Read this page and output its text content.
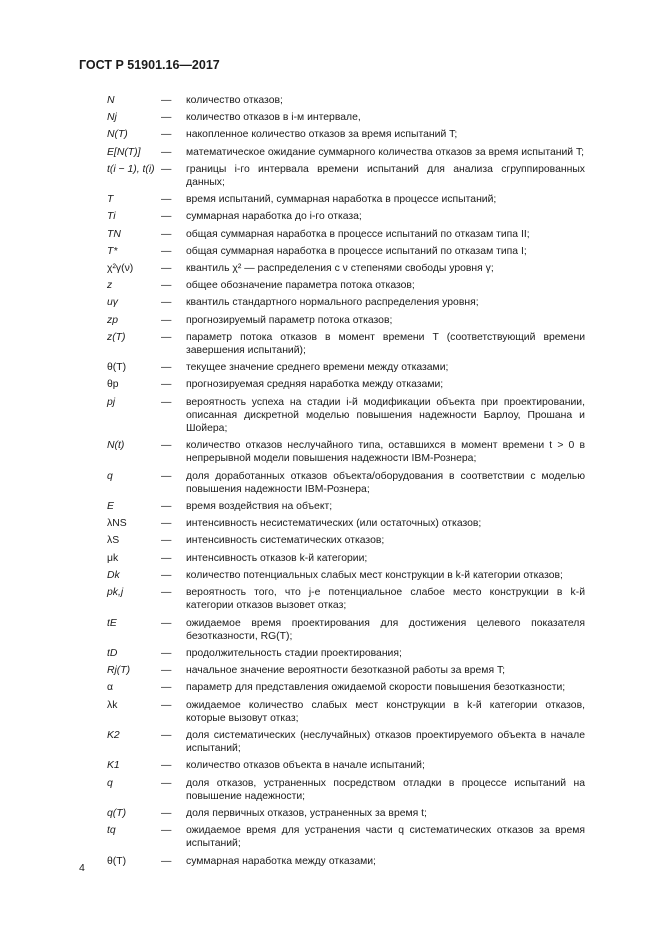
ГОСТ Р 51901.16—2017
N	— количество отказов;
Nj	— количество отказов в i-м интервале,
N(T)	— накопленное количество отказов за время испытаний T;
E[N(T)]	— математическое ожидание суммарного количества отказов за время испытаний T;
t(i − 1), t(i) — границы i-го интервала времени испытаний для анализа сгруппированных данных;
T	— время испытаний, суммарная наработка в процессе испытаний;
Ti	— суммарная наработка до i-го отказа;
TN	— общая суммарная наработка в процессе испытаний по отказам типа II;
T*	— общая суммарная наработка в процессе испытаний по отказам типа I;
χ²γ(ν)	— квантиль χ² — распределения с ν степенями свободы уровня γ;
z	— общее обозначение параметра потока отказов;
uγ	— квантиль стандартного нормального распределения уровня;
zp	— прогнозируемый параметр потока отказов;
z(T)	— параметр потока отказов в момент времени T (соответствующий времени завершения испытаний);
θ(T)	— текущее значение среднего времени между отказами;
θp	— прогнозируемая средняя наработка между отказами;
pj	— вероятность успеха на стадии i-й модификации объекта при проектировании, описанная дискретной моделью повышения надежности Барлоу, Прошана и Шойера;
N(t)	— количество отказов неслучайного типа, оставшихся в момент времени t > 0 в непрерывной модели повышения надежности IBM-Рознера;
q	— доля доработанных отказов объекта/оборудования в соответствии с моделью повышения надежности IBM-Рознера;
E	— время воздействия на объект;
λNS	— интенсивность несистематических (или остаточных) отказов;
λS	— интенсивность систематических отказов;
μk	— интенсивность отказов k-й категории;
Dk	— количество потенциальных слабых мест конструкции в k-й категории отказов;
pk,j	— вероятность того, что j-е потенциальное слабое место конструкции в k-й категории отказов вызовет отказ;
tE	— ожидаемое время проектирования для достижения целевого показателя безотказности, RG(T);
tD	— продолжительность стадии проектирования;
Rj(T)	— начальное значение вероятности безотказной работы за время T;
α	— параметр для представления ожидаемой скорости повышения безотказности;
λk	— ожидаемое количество слабых мест конструкции в k-й категории отказов, которые вызовут отказ;
K2	— доля систематических (неслучайных) отказов проектируемого объекта в начале испытаний;
K1	— количество отказов объекта в начале испытаний;
q	— доля отказов, устраненных посредством отладки в процессе испытаний на повышение надежности;
q(T)	— доля первичных отказов, устраненных за время t;
tq	— ожидаемое время для устранения части q систематических отказов за время испытаний;
θ(T)	— суммарная наработка между отказами;
4
